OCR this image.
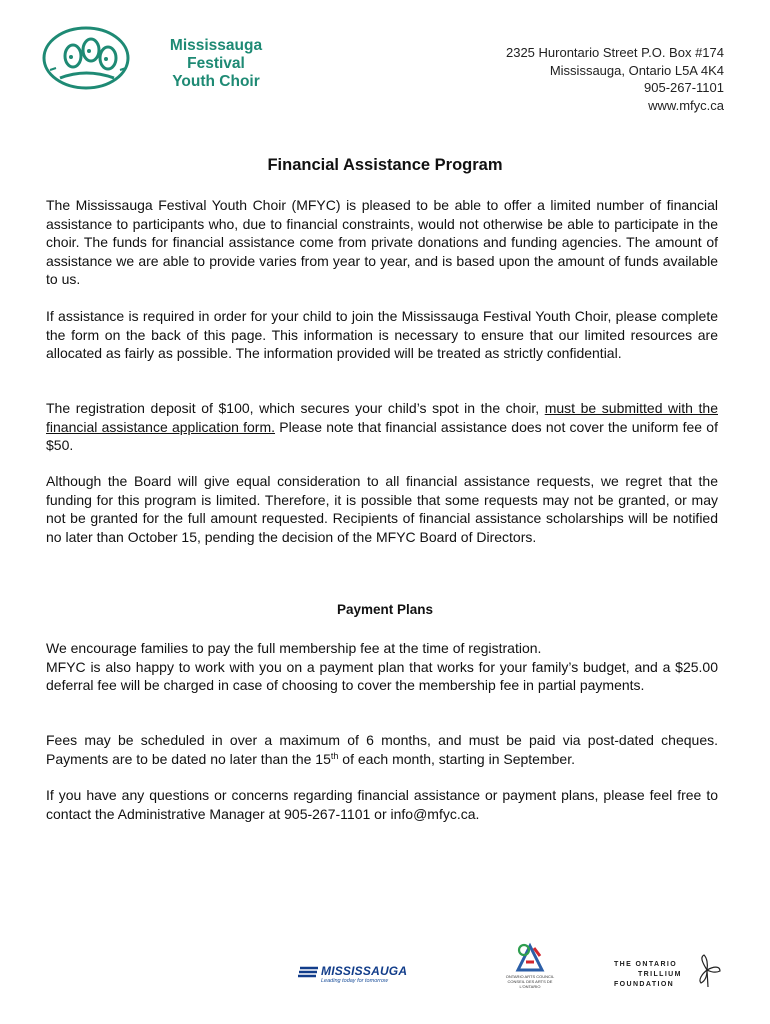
Mississauga Festival
Youth Choir
2325 Hurontario Street P.O. Box #174
Mississauga, Ontario L5A 4K4
905-267-1101
www.mfyc.ca
Financial Assistance Program

The Mississauga Festival Youth Choir (MFYC) is pleased to be able to offer a limited number of financial assistance to participants who, due to financial constraints, would not otherwise be able to participate in the choir. The funds for financial assistance come from private donations and funding agencies. The amount of assistance we are able to provide varies from year to year, and is based upon the amount of funds available to us.

If assistance is required in order for your child to join the Mississauga Festival Youth Choir, please complete the form on the back of this page. This information is necessary to ensure that our limited resources are allocated as fairly as possible. The information provided will be treated as strictly confidential.

The registration deposit of $100, which secures your child’s spot in the choir, must be submitted with the financial assistance application form. Please note that financial assistance does not cover the uniform fee of $50.

Although the Board will give equal consideration to all financial assistance requests, we regret that the funding for this program is limited. Therefore, it is possible that some requests may not be granted, or may not be granted for the full amount requested. Recipients of financial assistance scholarships will be notified no later than October 15, pending the decision of the MFYC Board of Directors.

Payment Plans

We encourage families to pay the full membership fee at the time of registration.
MFYC is also happy to work with you on a payment plan that works for your family’s budget, and a $25.00 deferral fee will be charged in case of choosing to cover the membership fee in partial payments.

Fees may be scheduled in over a maximum of 6 months, and must be paid via post-dated cheques. Payments are to be dated no later than the 15th of each month, starting in September.

If you have any questions or concerns regarding financial assistance or payment plans, please feel free to contact the Administrative Manager at 905-267-1101 or info@mfyc.ca.

MISSISSAUGA
Leading today for tomorrow
ONTARIO ARTS COUNCIL
CONSEIL DES ARTS DE L'ONTARIO
THE ONTARIO
TRILLIUM
FOUNDATION
